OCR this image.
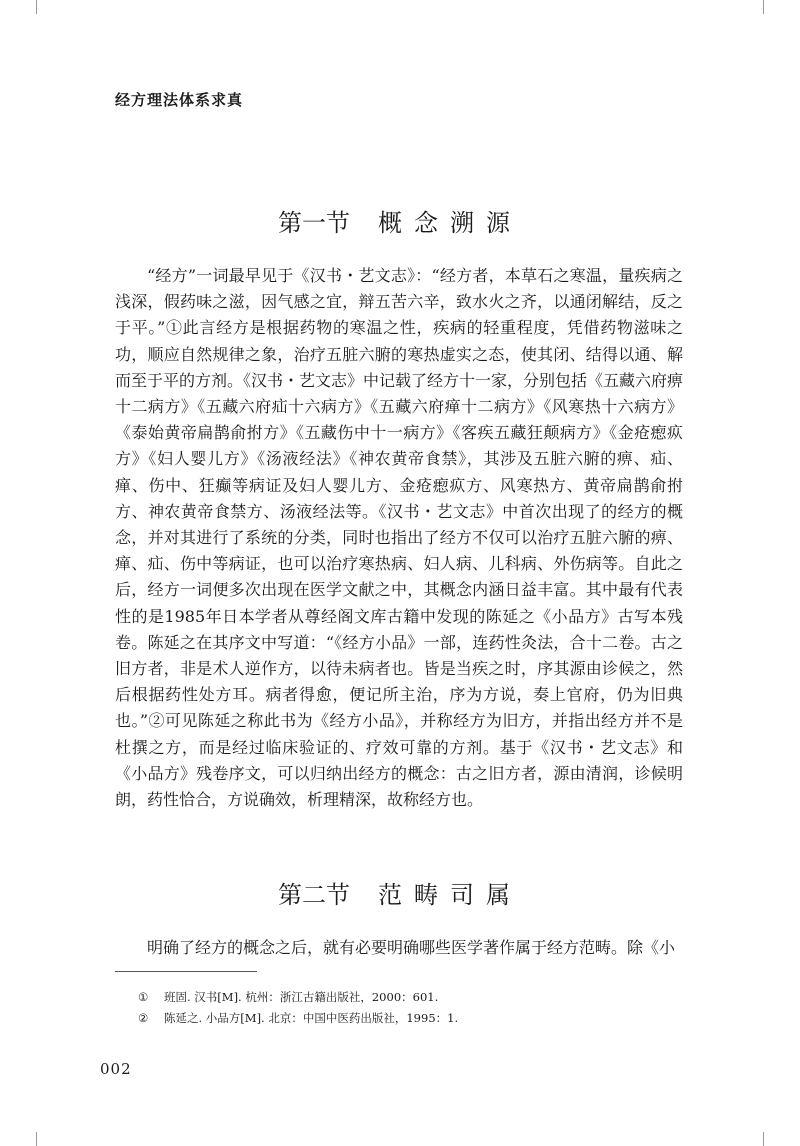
经方理法体系求真
第一节 概念溯源

“经方”一词最早见于《汉书・艺文志》：“经方者，本草石之寒温，量疾病之浅深，假药味之滋，因气感之宜，辩五苦六辛，致水火之齐，以通闭解结，反之于平。”①此言经方是根据药物的寒温之性，疾病的轻重程度，凭借药物滋味之功，顺应自然规律之象，治疗五脏六腑的寒热虚实之态，使其闭、结得以通、解而至于平的方剂。《汉书・艺文志》中记载了经方十一家，分别包括《五藏六府痹十二病方》《五藏六府疝十六病方》《五藏六府瘅十二病方》《风寒热十六病方》《泰始黄帝扁鹊俞拊方》《五藏伤中十一病方》《客疾五藏狂颠病方》《金疮瘛疭方》《妇人婴儿方》《汤液经法》《神农黄帝食禁》，其涉及五脏六腑的痹、疝、瘅、伤中、狂癫等病证及妇人婴儿方、金疮瘛疭方、风寒热方、黄帝扁鹊俞拊方、神农黄帝食禁方、汤液经法等。《汉书・艺文志》中首次出现了的经方的概念，并对其进行了系统的分类，同时也指出了经方不仅可以治疗五脏六腑的痹、瘅、疝、伤中等病证，也可以治疗寒热病、妇人病、儿科病、外伤病等。自此之后，经方一词便多次出现在医学文献之中，其概念内涵日益丰富。其中最有代表性的是1985年日本学者从尊经阁文库古籍中发现的陈延之《小品方》古写本残卷。陈延之在其序文中写道：“《经方小品》一部，连药性灸法，合十二卷。古之旧方者，非是术人逆作方，以待未病者也。皆是当疾之时，序其源由诊候之，然后根据药性处方耳。病者得愈，便记所主治，序为方说，奏上官府，仍为旧典也。”②可见陈延之称此书为《经方小品》，并称经方为旧方，并指出经方并不是杜撰之方，而是经过临床验证的、疗效可靠的方剂。基于《汉书・艺文志》和《小品方》残卷序文，可以归纳出经方的概念：古之旧方者，源由清润，诊候明朗，药性恰合，方说确效，析理精深，故称经方也。

第二节 范畴司属

明确了经方的概念之后，就有必要明确哪些医学著作属于经方范畴。除《小

① 班固. 汉书[M]. 杭州：浙江古籍出版社，2000：601.
② 陈延之. 小品方[M]. 北京：中国中医药出版社，1995：1.
002
